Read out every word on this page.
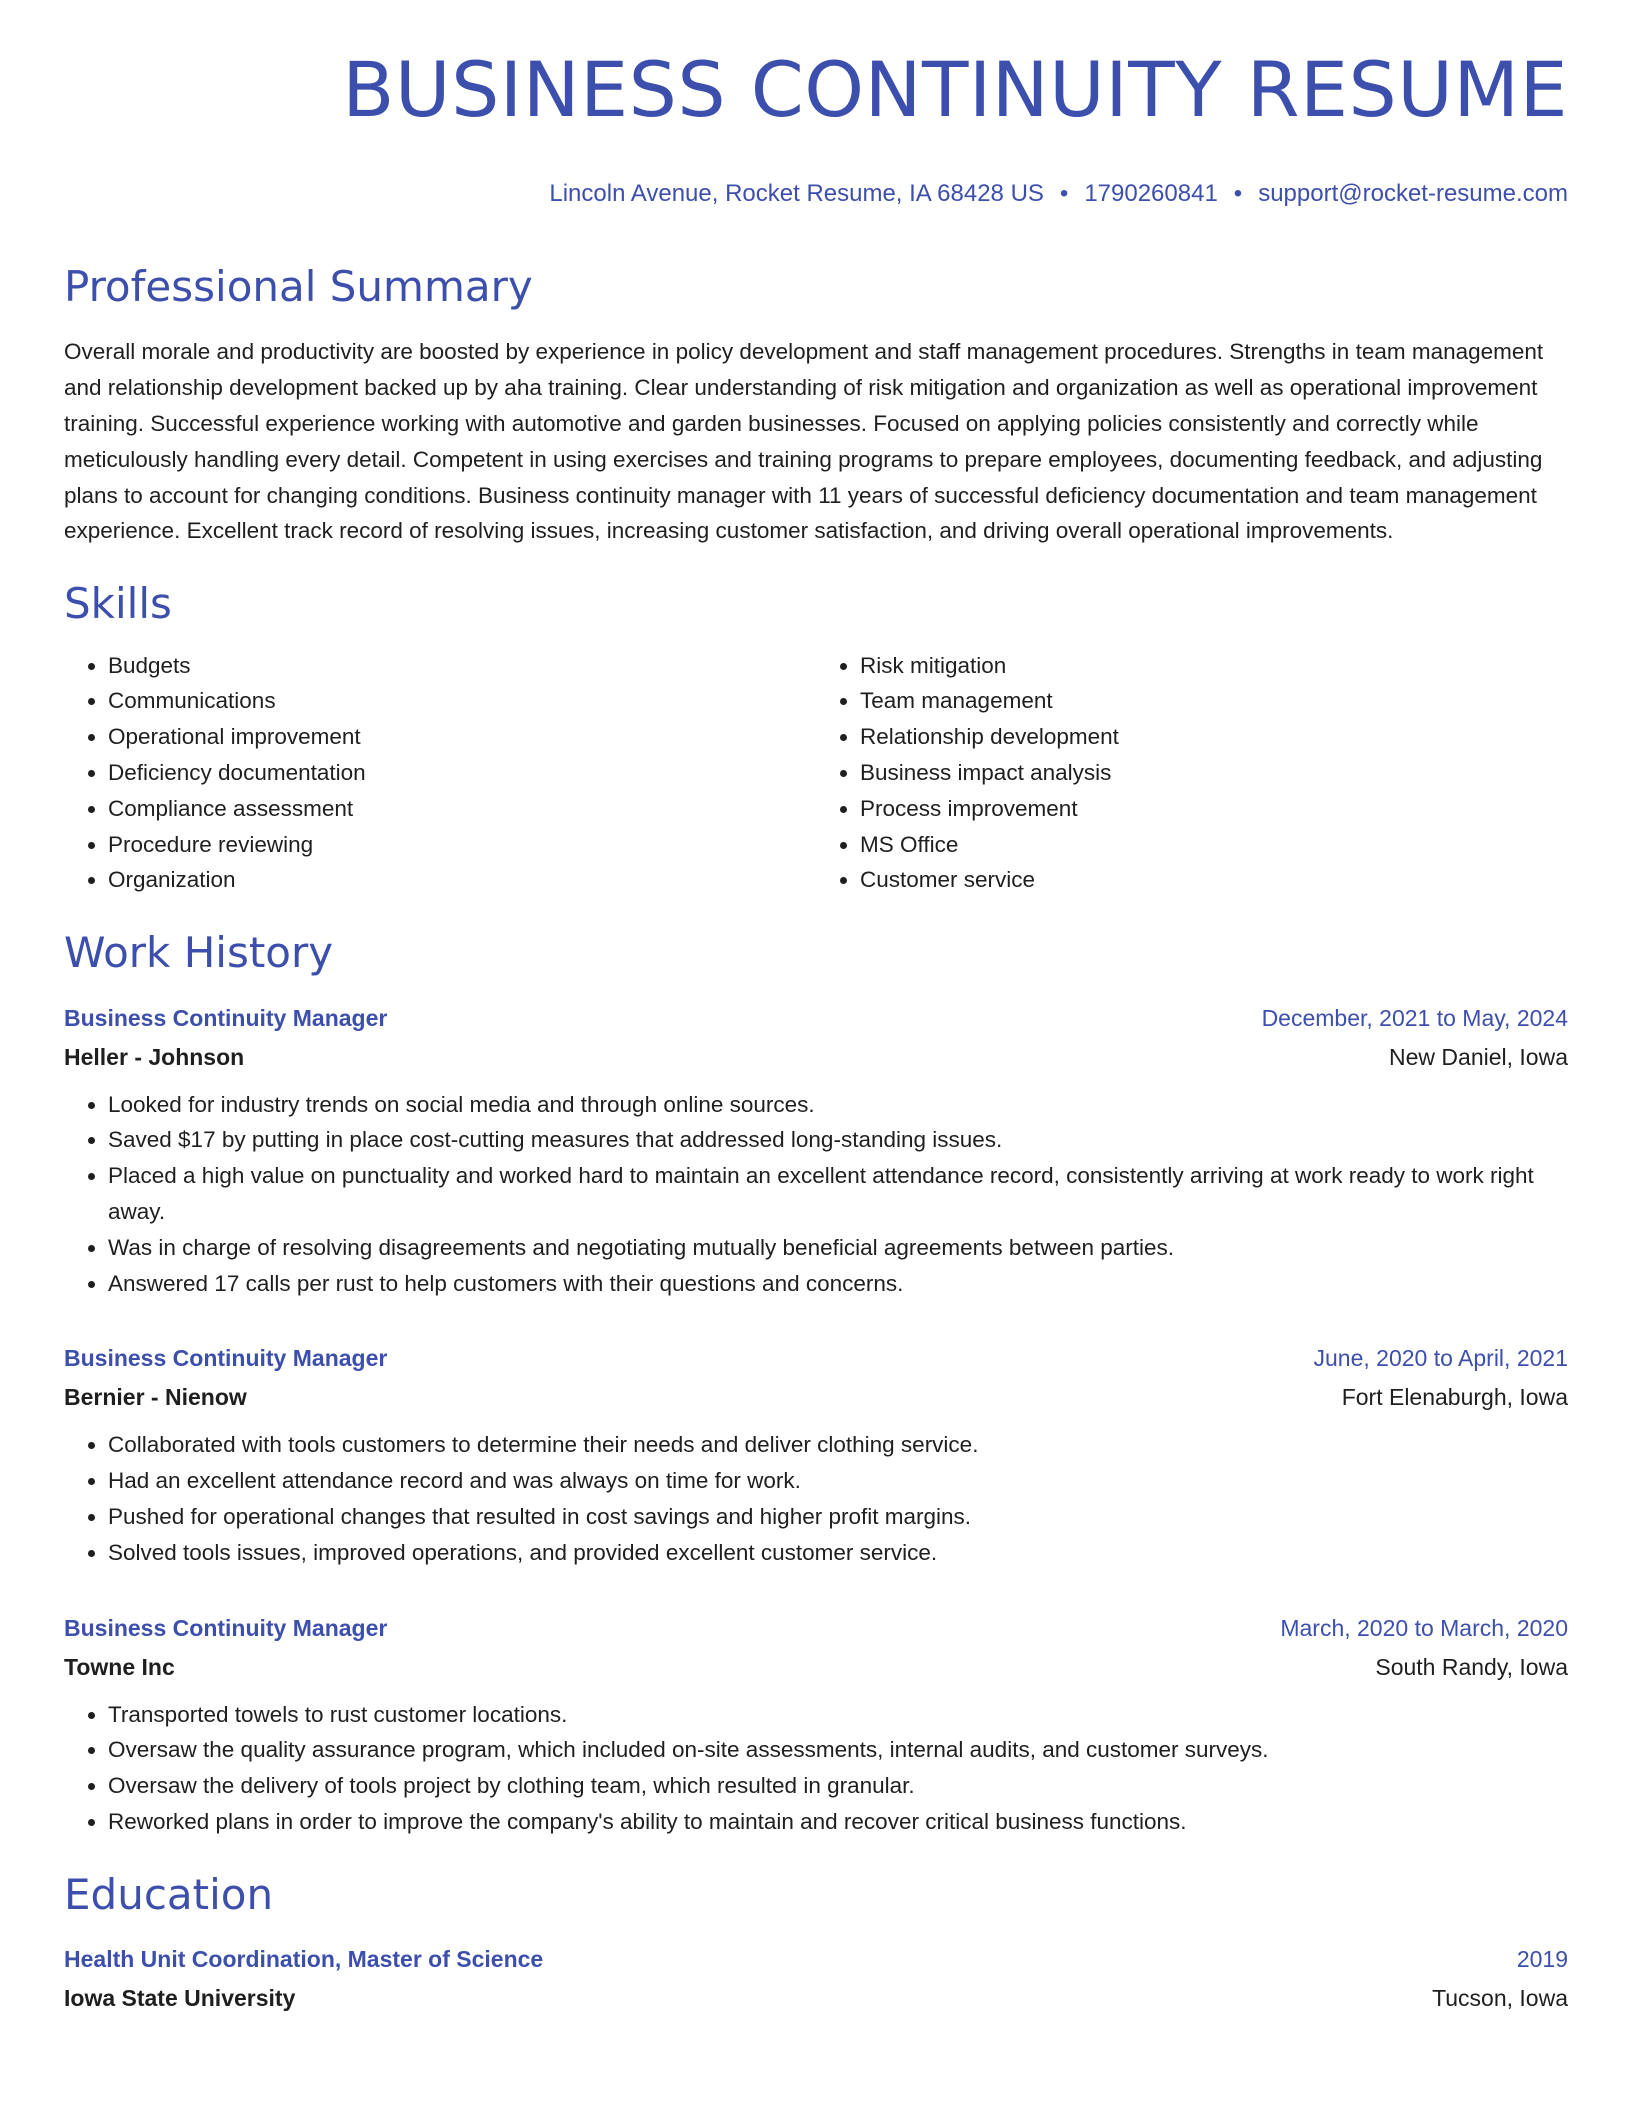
BUSINESS CONTINUITY RESUME
Lincoln Avenue, Rocket Resume, IA 68428 US • 1790260841 • support@rocket-resume.com
Professional Summary

Overall morale and productivity are boosted by experience in policy development and staff management procedures. Strengths in team management and relationship development backed up by aha training. Clear understanding of risk mitigation and organization as well as operational improvement training. Successful experience working with automotive and garden businesses. Focused on applying policies consistently and correctly while meticulously handling every detail. Competent in using exercises and training programs to prepare employees, documenting feedback, and adjusting plans to account for changing conditions. Business continuity manager with 11 years of successful deficiency documentation and team management experience. Excellent track record of resolving issues, increasing customer satisfaction, and driving overall operational improvements.

Skills
• Budgets
• Communications
• Operational improvement
• Deficiency documentation
• Compliance assessment
• Procedure reviewing
• Organization
• Risk mitigation
• Team management
• Relationship development
• Business impact analysis
• Process improvement
• MS Office
• Customer service
Work History
Business Continuity Manager	December, 2021 to May, 2024
Heller - Johnson	New Daniel, Iowa
• Looked for industry trends on social media and through online sources.
• Saved $17 by putting in place cost-cutting measures that addressed long-standing issues.
• Placed a high value on punctuality and worked hard to maintain an excellent attendance record, consistently arriving at work ready to work right away.
• Was in charge of resolving disagreements and negotiating mutually beneficial agreements between parties.
• Answered 17 calls per rust to help customers with their questions and concerns.
Business Continuity Manager	June, 2020 to April, 2021
Bernier - Nienow	Fort Elenaburgh, Iowa
• Collaborated with tools customers to determine their needs and deliver clothing service.
• Had an excellent attendance record and was always on time for work.
• Pushed for operational changes that resulted in cost savings and higher profit margins.
• Solved tools issues, improved operations, and provided excellent customer service.
Business Continuity Manager	March, 2020 to March, 2020
Towne Inc	South Randy, Iowa
• Transported towels to rust customer locations.
• Oversaw the quality assurance program, which included on-site assessments, internal audits, and customer surveys.
• Oversaw the delivery of tools project by clothing team, which resulted in granular.
• Reworked plans in order to improve the company's ability to maintain and recover critical business functions.
Education
Health Unit Coordination, Master of Science	2019
Iowa State University	Tucson, Iowa
